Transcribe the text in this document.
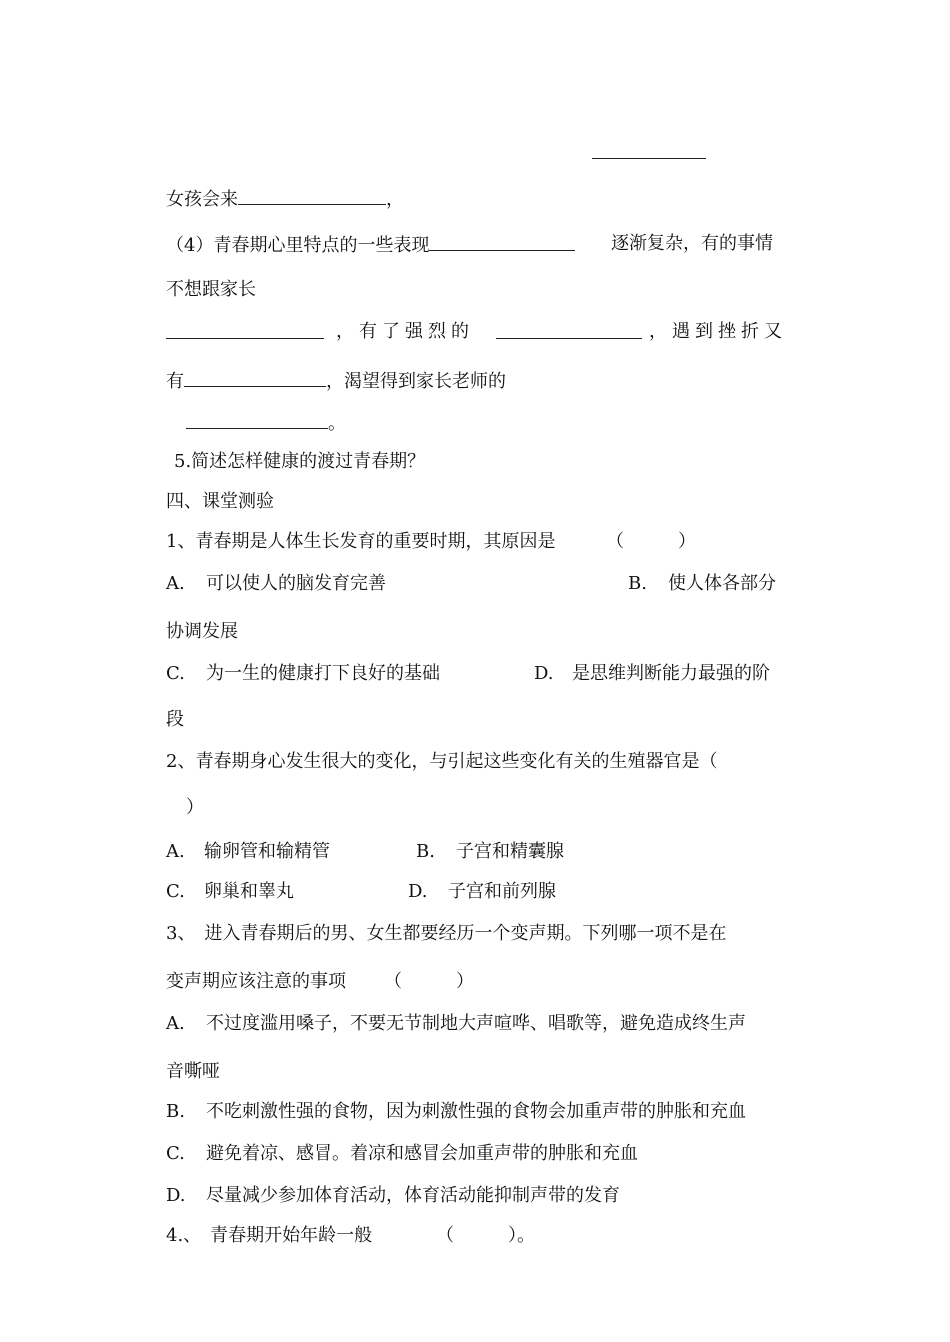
女孩会来	，
（4）青春期心里特点的一些表现	逐渐复杂，有的事情
不想跟家长
，有了强烈的	，遇到挫折又
有	，渴望得到家长老师的
。
5.简述怎样健康的渡过青春期？
四、课堂测验
1、青春期是人体生长发育的重要时期，其原因是	（　　　）
A. 可以使人的脑发育完善	B. 使人体各部分
协调发展
C. 为一生的健康打下良好的基础	D. 是思维判断能力最强的阶
段
2、青春期身心发生很大的变化，与引起这些变化有关的生殖器官是（
）
A. 输卵管和输精管	B. 子宫和精囊腺
C. 卵巢和睾丸	D. 子宫和前列腺
3、　进入青春期后的男、女生都要经历一个变声期。下列哪一项不是在
变声期应该注意的事项 （　　　）
A. 不过度滥用嗓子，不要无节制地大声喧哗、唱歌等，避免造成终生声
音嘶哑
B. 不吃刺激性强的食物，因为刺激性强的食物会加重声带的肿胀和充血
C. 避免着凉、感冒。着凉和感冒会加重声带的肿胀和充血
D. 尽量减少参加体育活动，体育活动能抑制声带的发育
4.、　青春期开始年龄一般	（　　　）。
